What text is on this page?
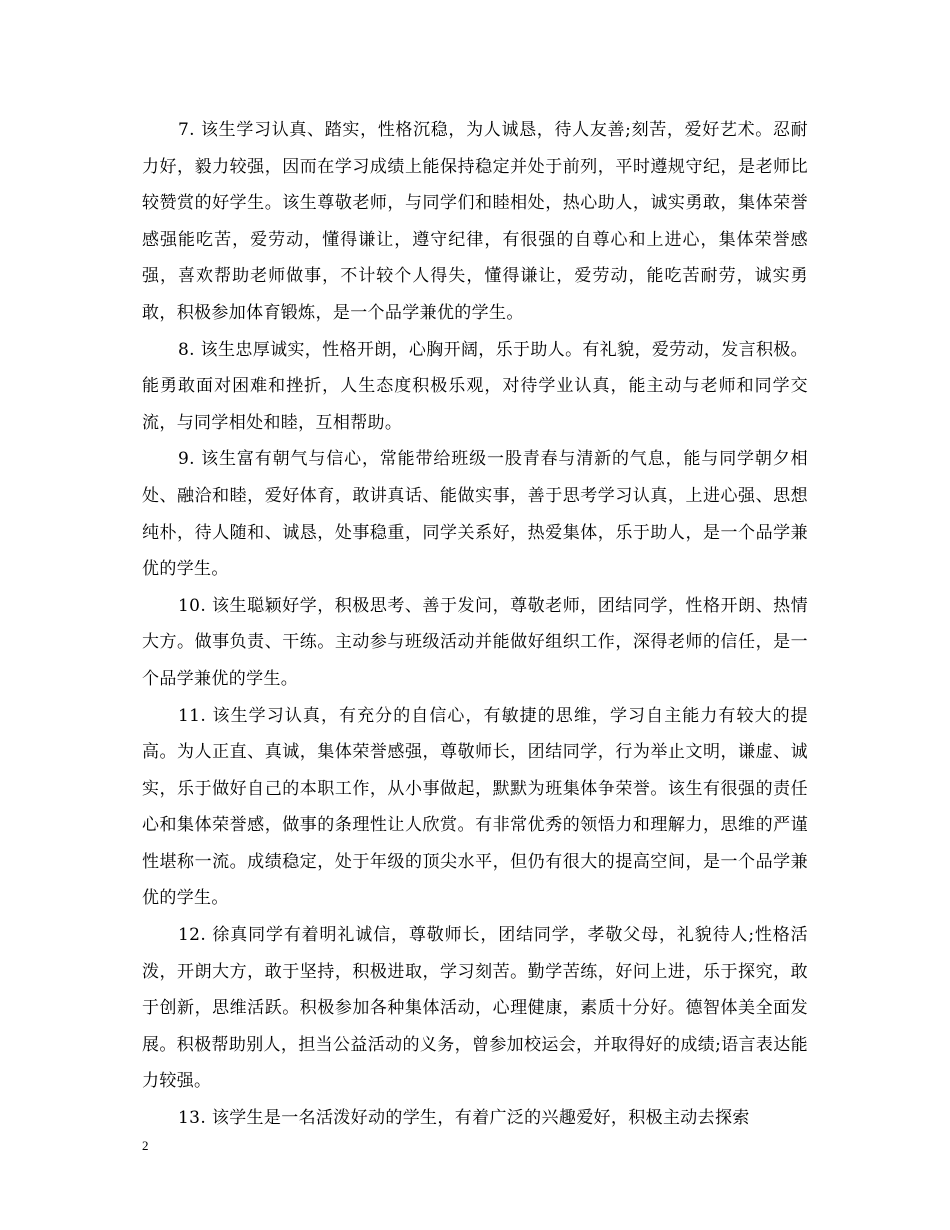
7. 该生学习认真、踏实，性格沉稳，为人诚恳，待人友善;刻苦，爱好艺术。忍耐力好，毅力较强，因而在学习成绩上能保持稳定并处于前列，平时遵规守纪，是老师比较赞赏的好学生。该生尊敬老师，与同学们和睦相处，热心助人，诚实勇敢，集体荣誉感强能吃苦，爱劳动，懂得谦让，遵守纪律，有很强的自尊心和上进心，集体荣誉感强，喜欢帮助老师做事，不计较个人得失，懂得谦让，爱劳动，能吃苦耐劳，诚实勇敢，积极参加体育锻炼，是一个品学兼优的学生。

8. 该生忠厚诚实，性格开朗，心胸开阔，乐于助人。有礼貌，爱劳动，发言积极。能勇敢面对困难和挫折，人生态度积极乐观，对待学业认真，能主动与老师和同学交流，与同学相处和睦，互相帮助。

9. 该生富有朝气与信心，常能带给班级一股青春与清新的气息，能与同学朝夕相处、融洽和睦，爱好体育，敢讲真话、能做实事，善于思考学习认真，上进心强、思想纯朴，待人随和、诚恳，处事稳重，同学关系好，热爱集体，乐于助人，是一个品学兼优的学生。

10. 该生聪颖好学，积极思考、善于发问，尊敬老师，团结同学，性格开朗、热情大方。做事负责、干练。主动参与班级活动并能做好组织工作，深得老师的信任，是一个品学兼优的学生。

11. 该生学习认真，有充分的自信心，有敏捷的思维，学习自主能力有较大的提高。为人正直、真诚，集体荣誉感强，尊敬师长，团结同学，行为举止文明，谦虚、诚实，乐于做好自己的本职工作，从小事做起，默默为班集体争荣誉。该生有很强的责任心和集体荣誉感，做事的条理性让人欣赏。有非常优秀的领悟力和理解力，思维的严谨性堪称一流。成绩稳定，处于年级的顶尖水平，但仍有很大的提高空间，是一个品学兼优的学生。

12. 徐真同学有着明礼诚信，尊敬师长，团结同学，孝敬父母，礼貌待人;性格活泼，开朗大方，敢于坚持，积极进取，学习刻苦。勤学苦练，好问上进，乐于探究，敢于创新，思维活跃。积极参加各种集体活动，心理健康，素质十分好。德智体美全面发展。积极帮助别人，担当公益活动的义务，曾参加校运会，并取得好的成绩;语言表达能力较强。

13. 该学生是一名活泼好动的学生，有着广泛的兴趣爱好，积极主动去探索

2
